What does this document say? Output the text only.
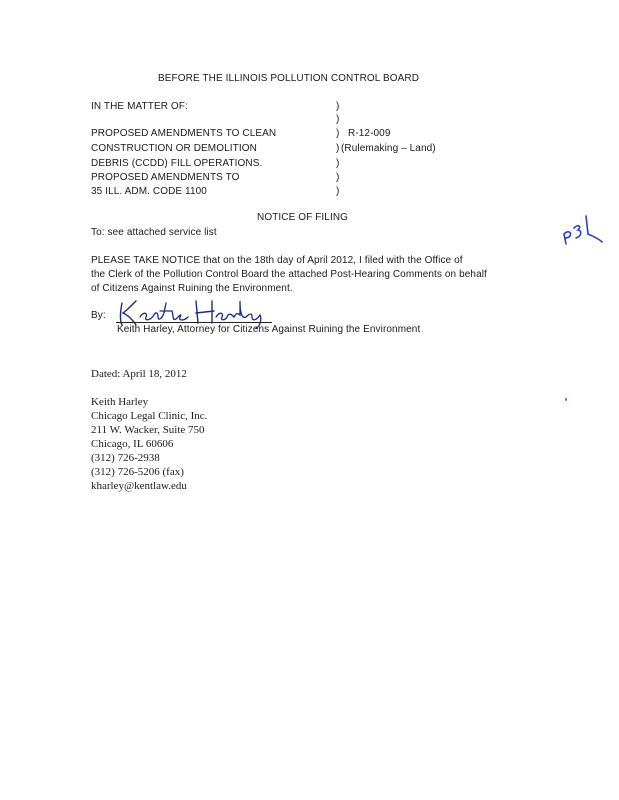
BEFORE THE ILLINOIS POLLUTION CONTROL BOARD
IN THE MATTER OF:
PROPOSED AMENDMENTS TO CLEAN
CONSTRUCTION OR DEMOLITION
DEBRIS (CCDD) FILL OPERATIONS.
PROPOSED AMENDMENTS TO
35 ILL. ADM. CODE 1100
)
)
)
)
)
)
)
R-12-009
(Rulemaking – Land)
NOTICE OF FILING
To: see attached service list
PLEASE TAKE NOTICE that on the 18th day of April 2012, I filed with the Office of
the Clerk of the Pollution Control Board the attached Post-Hearing Comments on behalf
of Citizens Against Ruining the Environment.
By:
Keith Harley, Attorney for Citizens Against Ruining the Environment
Dated: April 18, 2012
Keith Harley
Chicago Legal Clinic, Inc.
211 W. Wacker, Suite 750
Chicago, IL 60606
(312) 726-2938
(312) 726-5206 (fax)
kharley@kentlaw.edu
